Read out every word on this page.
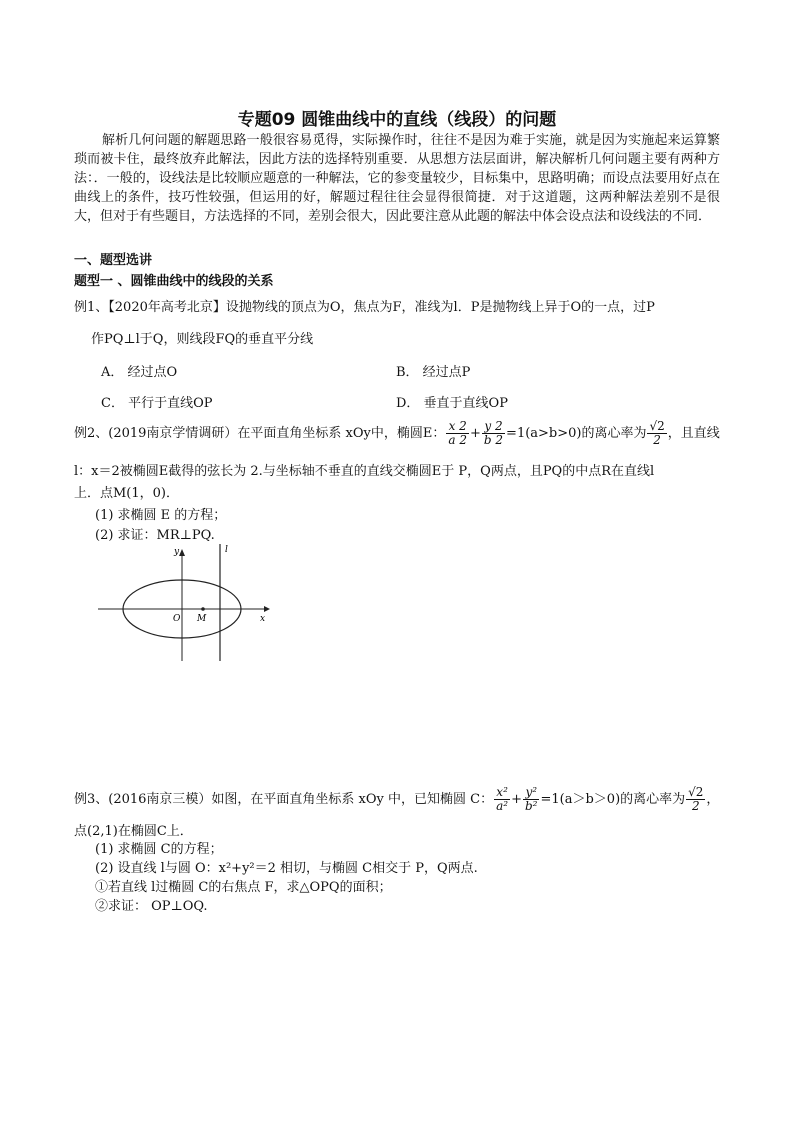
专题09 圆锥曲线中的直线（线段）的问题
解析几何问题的解题思路一般很容易觅得，实际操作时，往往不是因为难于实施，就是因为实施起来运算繁琐而被卡住，最终放弃此解法，因此方法的选择特别重要．从思想方法层面讲，解决解析几何问题主要有两种方法：．一般的，设线法是比较顺应题意的一种解法，它的参变量较少，目标集中，思路明确；而设点法要用好点在曲线上的条件，技巧性较强，但运用的好，解题过程往往会显得很简捷．对于这道题，这两种解法差别不是很大，但对于有些题目，方法选择的不同，差别会很大，因此要注意从此题的解法中体会设点法和设线法的不同．
一、题型选讲
题型一 、圆锥曲线中的线段的关系
例1、【2020年高考北京】设抛物线的顶点为O，焦点为F，准线为l．P是抛物线上异于O的一点，过P
作PQ⊥l于Q，则线段FQ的垂直平分线
A． 经过点O	B． 经过点P
C． 平行于直线OP	D． 垂直于直线OP
例2、(2019南京学情调研）在平面直角坐标系 xOy中，椭圆E： $\frac{x 2}{a 2} + \frac{y 2}{b 2} =1(a>b>0)$的离心率为 $\frac{√2}{2}$ ，且直线
l：x＝2被椭圆E截得的弦长为 2.与坐标轴不垂直的直线交椭圆E于 P，Q两点，且PQ的中点R在直线l
上．点M(1，0)．
(1) 求椭圆 E 的方程；
(2) 求证：MR⊥PQ.
y
x
O M
l
例3、(2016南京三模）如图，在平面直角坐标系 xOy 中，已知椭圆 C： $\frac{\text{x²}}{\text{a²}} + \frac{\text{y²}}{\text{b²}} =1(a>b>0)$的离心率为 $\frac{√2}{2}$ ，
点(2,1)在椭圆C上．
(1) 求椭圆 C的方程；
(2) 设直线 l与圆 O：x²+y²＝2 相切，与椭圆 C相交于 P，Q两点.
①若直线 l过椭圆 C的右焦点 F，求△OPQ的面积；
②求证： OP⊥OQ.
